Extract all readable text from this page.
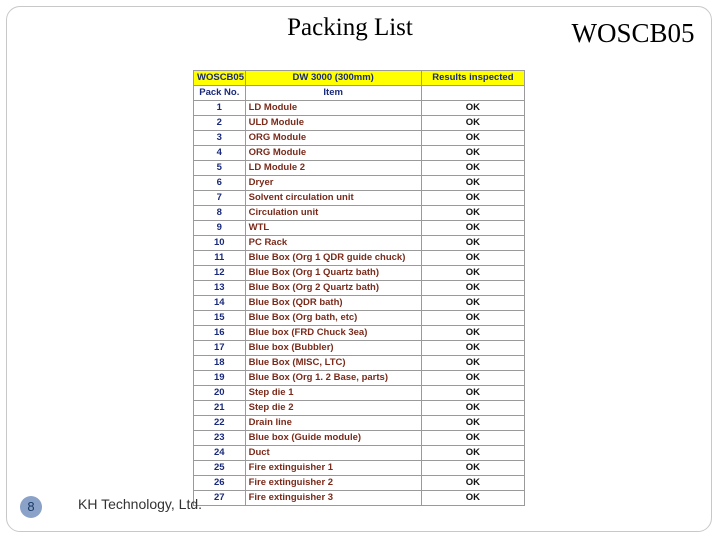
Packing List	WOSCB05
WOSCB05	DW 3000 (300mm)	Results inspected
Pack No.	Item	
1	LD Module	OK
2	ULD Module	OK
3	ORG Module	OK
4	ORG Module	OK
5	LD Module 2	OK
6	Dryer	OK
7	Solvent circulation unit	OK
8	Circulation unit	OK
9	WTL	OK
10	PC Rack	OK
11	Blue Box (Org 1 QDR guide chuck)	OK
12	Blue Box (Org 1 Quartz bath)	OK
13	Blue Box (Org 2 Quartz bath)	OK
14	Blue Box (QDR bath)	OK
15	Blue Box (Org bath, etc)	OK
16	Blue box (FRD Chuck 3ea)	OK
17	Blue box (Bubbler)	OK
18	Blue Box (MISC, LTC)	OK
19	Blue Box (Org 1. 2 Base, parts)	OK
20	Step die 1	OK
21	Step die 2	OK
22	Drain line	OK
23	Blue box (Guide module)	OK
24	Duct	OK
25	Fire extinguisher 1	OK
26	Fire extinguisher 2	OK
27	Fire extinguisher 3	OK
8	KH Technology, Ltd.
